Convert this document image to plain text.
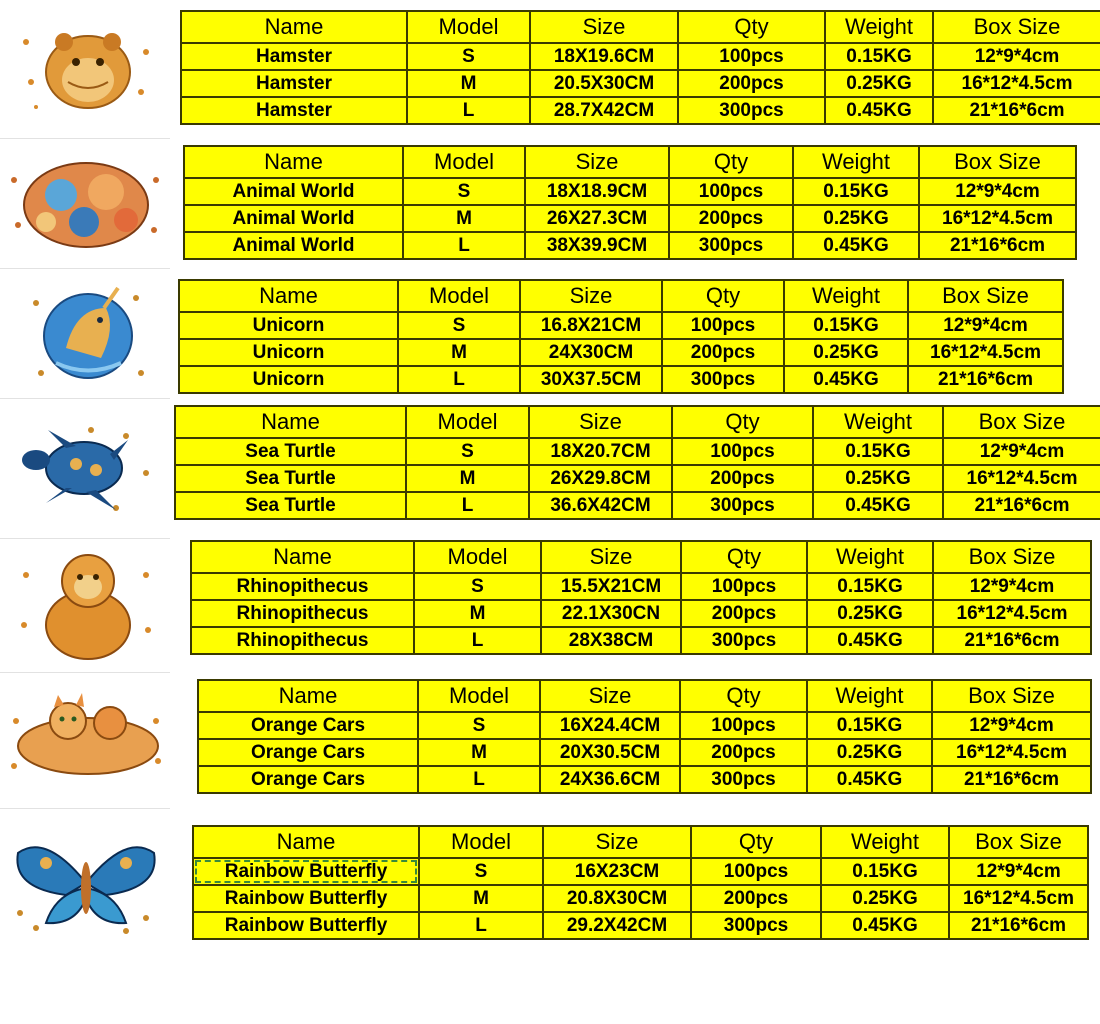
Name	Model	Size	Qty	Weight	Box Size
Hamster	S	18X19.6CM	100pcs	0.15KG	12*9*4cm
Hamster	M	20.5X30CM	200pcs	0.25KG	16*12*4.5cm
Hamster	L	28.7X42CM	300pcs	0.45KG	21*16*6cm
Name	Model	Size	Qty	Weight	Box Size
Animal World	S	18X18.9CM	100pcs	0.15KG	12*9*4cm
Animal World	M	26X27.3CM	200pcs	0.25KG	16*12*4.5cm
Animal World	L	38X39.9CM	300pcs	0.45KG	21*16*6cm
Name	Model	Size	Qty	Weight	Box Size
Unicorn	S	16.8X21CM	100pcs	0.15KG	12*9*4cm
Unicorn	M	24X30CM	200pcs	0.25KG	16*12*4.5cm
Unicorn	L	30X37.5CM	300pcs	0.45KG	21*16*6cm
Name	Model	Size	Qty	Weight	Box Size
Sea Turtle	S	18X20.7CM	100pcs	0.15KG	12*9*4cm
Sea Turtle	M	26X29.8CM	200pcs	0.25KG	16*12*4.5cm
Sea Turtle	L	36.6X42CM	300pcs	0.45KG	21*16*6cm
Name	Model	Size	Qty	Weight	Box Size
Rhinopithecus	S	15.5X21CM	100pcs	0.15KG	12*9*4cm
Rhinopithecus	M	22.1X30CN	200pcs	0.25KG	16*12*4.5cm
Rhinopithecus	L	28X38CM	300pcs	0.45KG	21*16*6cm
Name	Model	Size	Qty	Weight	Box Size
Orange Cars	S	16X24.4CM	100pcs	0.15KG	12*9*4cm
Orange Cars	M	20X30.5CM	200pcs	0.25KG	16*12*4.5cm
Orange Cars	L	24X36.6CM	300pcs	0.45KG	21*16*6cm
Name	Model	Size	Qty	Weight	Box Size
Rainbow Butterfly	S	16X23CM	100pcs	0.15KG	12*9*4cm
Rainbow Butterfly	M	20.8X30CM	200pcs	0.25KG	16*12*4.5cm
Rainbow Butterfly	L	29.2X42CM	300pcs	0.45KG	21*16*6cm
